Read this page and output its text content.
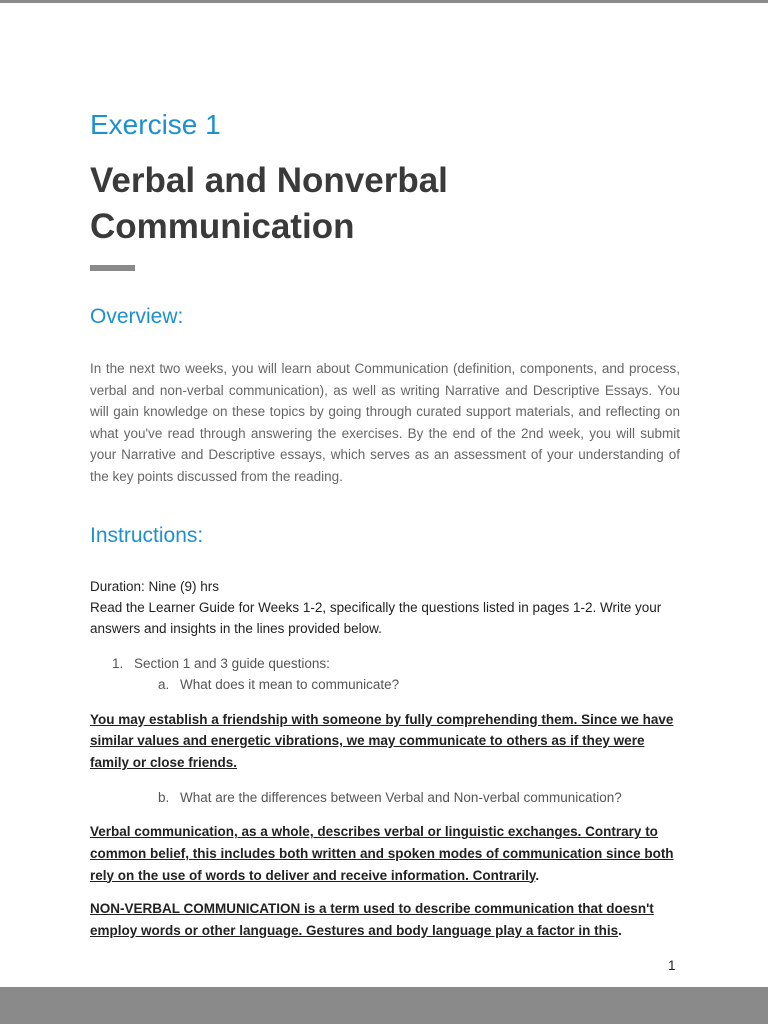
Exercise 1
Verbal and Nonverbal
Communication
Overview:

In the next two weeks, you will learn about Communication (definition, components, and process, verbal and non-verbal communication), as well as writing Narrative and Descriptive Essays. You will gain knowledge on these topics by going through curated support materials, and reflecting on what you've read through answering the exercises. By the end of the 2nd week, you will submit your Narrative and Descriptive essays, which serves as an assessment of your understanding of the key points discussed from the reading.

Instructions:

Duration: Nine (9) hrs

Read the Learner Guide for Weeks 1-2, specifically the questions listed in pages 1-2. Write your answers and insights in the lines provided below.

1. Section 1 and 3 guide questions:

a. What does it mean to communicate?

You may establish a friendship with someone by fully comprehending them. Since we have similar values and energetic vibrations, we may communicate to others as if they were family or close friends.

b. What are the differences between Verbal and Non-verbal communication?

Verbal communication, as a whole, describes verbal or linguistic exchanges. Contrary to common belief, this includes both written and spoken modes of communication since both rely on the use of words to deliver and receive information. Contrarily.

NON-VERBAL COMMUNICATION is a term used to describe communication that doesn't employ words or other language. Gestures and body language play a factor in this.

1
